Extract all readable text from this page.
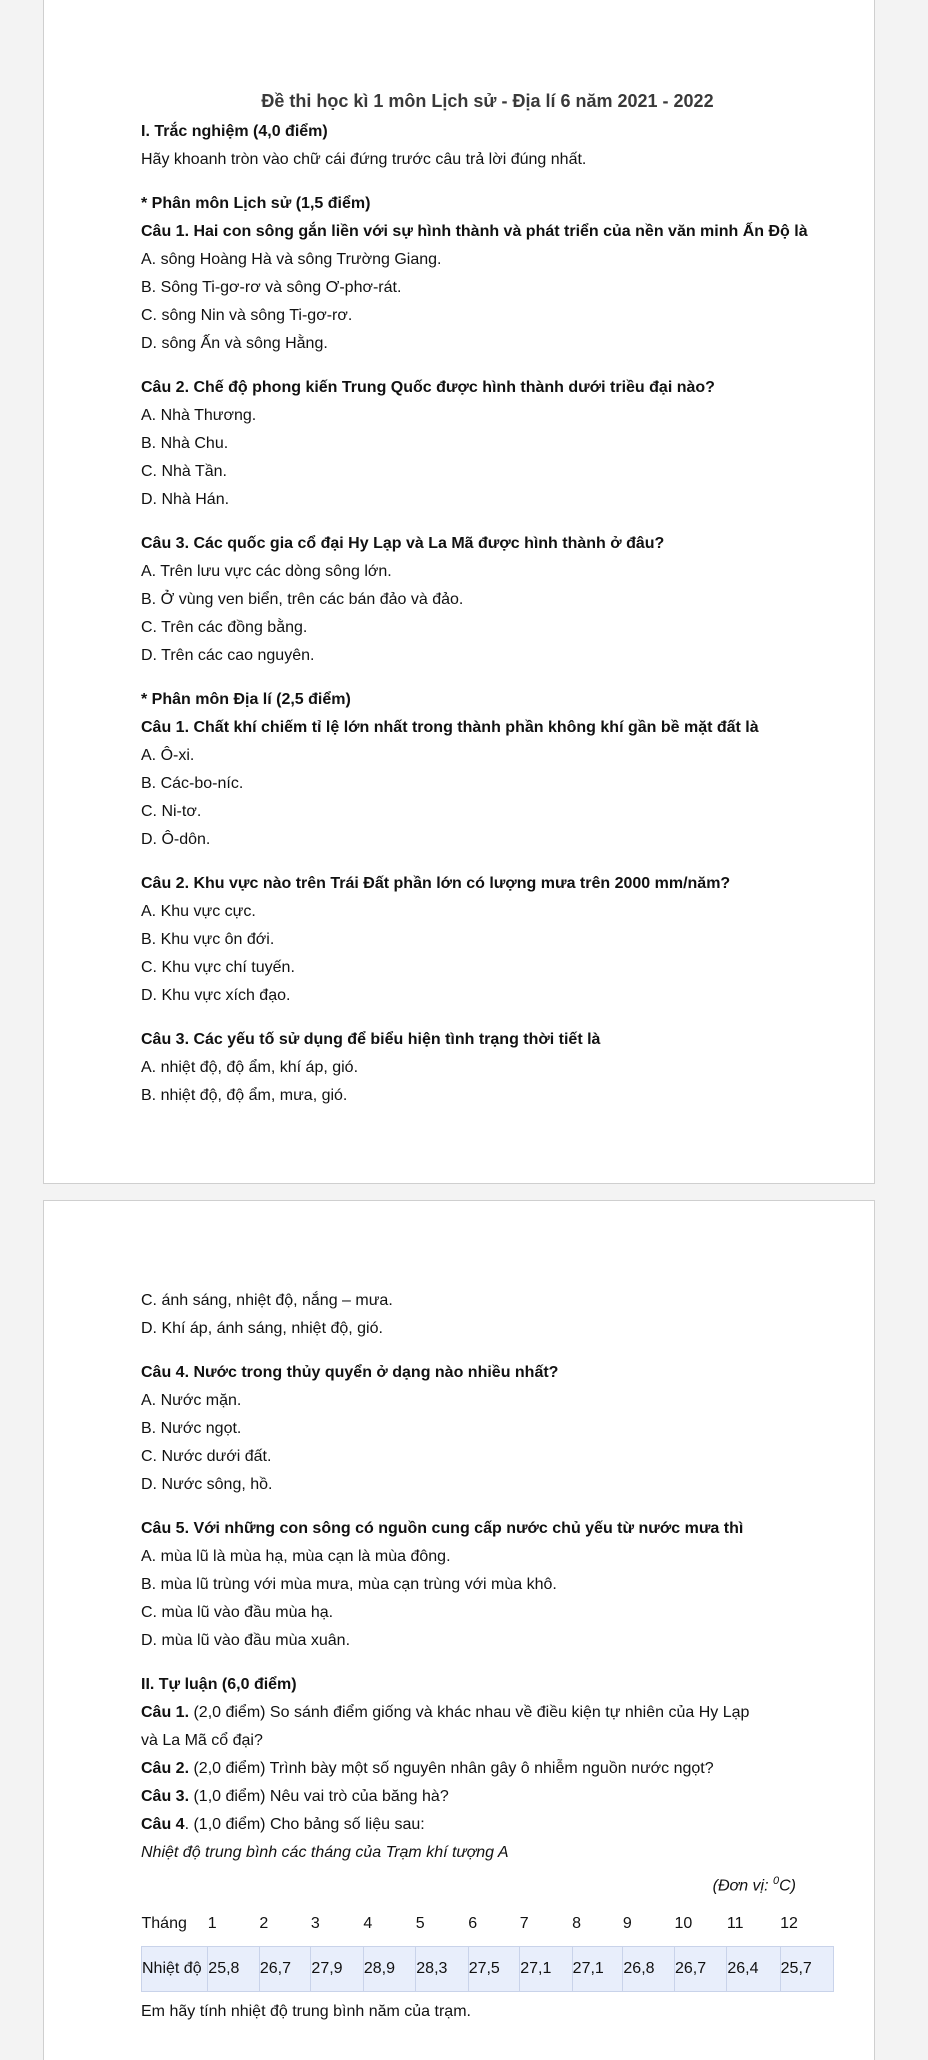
Đề thi học kì 1 môn Lịch sử - Địa lí 6 năm 2021 - 2022
I. Trắc nghiệm (4,0 điểm)
Hãy khoanh tròn vào chữ cái đứng trước câu trả lời đúng nhất.
* Phân môn Lịch sử (1,5 điểm)
Câu 1. Hai con sông gắn liền với sự hình thành và phát triển của nền văn minh Ấn Độ là
A. sông Hoàng Hà và sông Trường Giang.
B. Sông Ti-gơ-rơ và sông Ơ-phơ-rát.
C. sông Nin và sông Ti-gơ-rơ.
D. sông Ấn và sông Hằng.
Câu 2. Chế độ phong kiến Trung Quốc được hình thành dưới triều đại nào?
A. Nhà Thương.
B. Nhà Chu.
C. Nhà Tần.
D. Nhà Hán.
Câu 3. Các quốc gia cổ đại Hy Lạp và La Mã được hình thành ở đâu?
A. Trên lưu vực các dòng sông lớn.
B. Ở vùng ven biển, trên các bán đảo và đảo.
C. Trên các đồng bằng.
D. Trên các cao nguyên.
* Phân môn Địa lí (2,5 điểm)
Câu 1. Chất khí chiếm tỉ lệ lớn nhất trong thành phần không khí gần bề mặt đất là
A. Ô-xi.
B. Các-bo-níc.
C. Ni-tơ.
D. Ô-dôn.
Câu 2. Khu vực nào trên Trái Đất phần lớn có lượng mưa trên 2000 mm/năm?
A. Khu vực cực.
B. Khu vực ôn đới.
C. Khu vực chí tuyến.
D. Khu vực xích đạo.
Câu 3. Các yếu tố sử dụng để biểu hiện tình trạng thời tiết là
A. nhiệt độ, độ ẩm, khí áp, gió.
B. nhiệt độ, độ ẩm, mưa, gió.
C. ánh sáng, nhiệt độ, nắng – mưa.
D. Khí áp, ánh sáng, nhiệt độ, gió.
Câu 4. Nước trong thủy quyển ở dạng nào nhiều nhất?
A. Nước mặn.
B. Nước ngọt.
C. Nước dưới đất.
D. Nước sông, hồ.
Câu 5. Với những con sông có nguồn cung cấp nước chủ yếu từ nước mưa thì
A. mùa lũ là mùa hạ, mùa cạn là mùa đông.
B. mùa lũ trùng với mùa mưa, mùa cạn trùng với mùa khô.
C. mùa lũ vào đầu mùa hạ.
D. mùa lũ vào đầu mùa xuân.
II. Tự luận (6,0 điểm)
Câu 1. (2,0 điểm) So sánh điểm giống và khác nhau về điều kiện tự nhiên của Hy Lạp
và La Mã cổ đại?
Câu 2. (2,0 điểm) Trình bày một số nguyên nhân gây ô nhiễm nguồn nước ngọt?
Câu 3. (1,0 điểm) Nêu vai trò của băng hà?
Câu 4. (1,0 điểm) Cho bảng số liệu sau:
Nhiệt độ trung bình các tháng của Trạm khí tượng A
(Đơn vị: $^0$C)
Tháng	1	2	3	4	5	6	7	8	9	10	11	12
Nhiệt độ	25,8	26,7	27,9	28,9	28,3	27,5	27,1	27,1	26,8	26,7	26,4	25,7
Em hãy tính nhiệt độ trung bình năm của trạm.
